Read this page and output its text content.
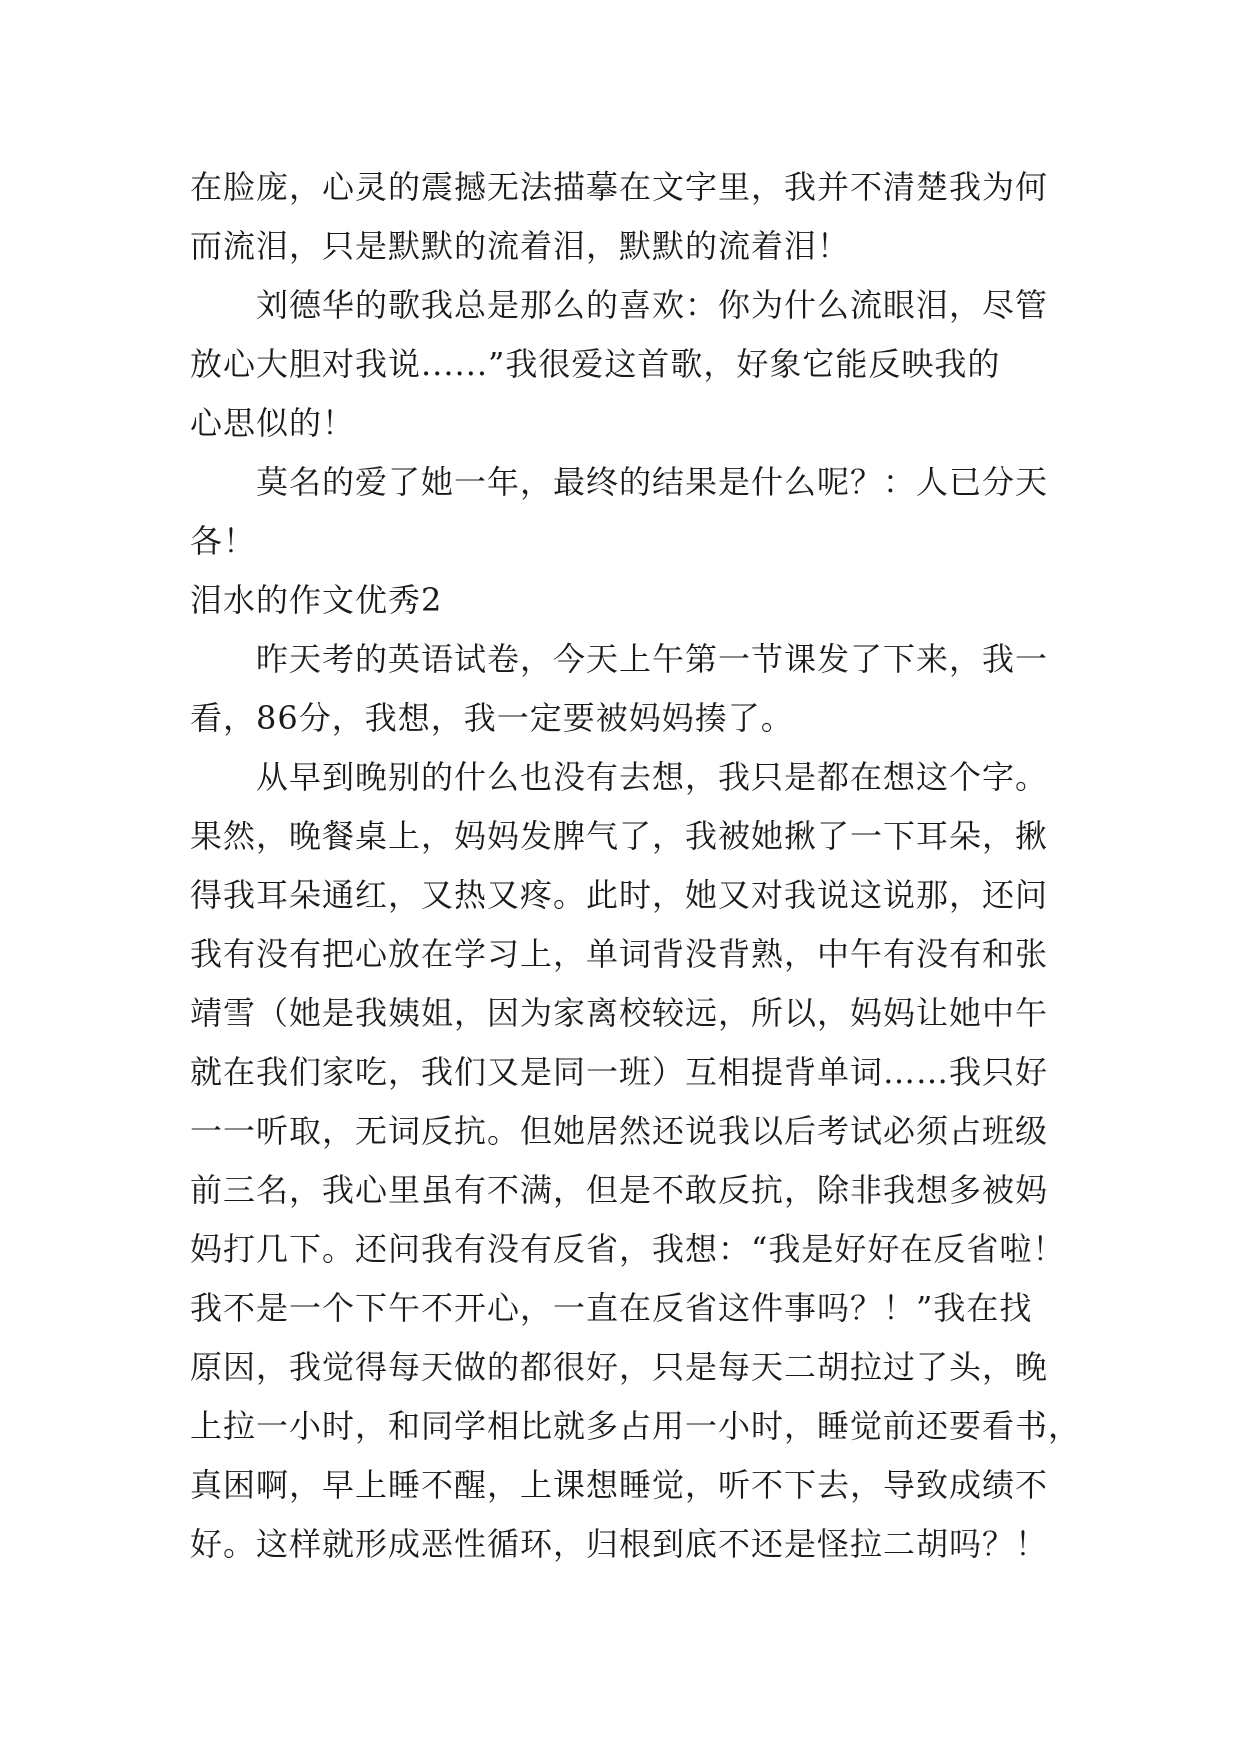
在脸庞，心灵的震撼无法描摹在文字里，我并不清楚我为何
而流泪，只是默默的流着泪，默默的流着泪！
　　刘德华的歌我总是那么的喜欢：你为什么流眼泪，尽管
放心大胆对我说......”我很爱这首歌，好象它能反映我的
心思似的！
　　莫名的爱了她一年，最终的结果是什么呢？：人已分天
各！
泪水的作文优秀2
　　昨天考的英语试卷，今天上午第一节课发了下来，我一
看，86分，我想，我一定要被妈妈揍了。
　　从早到晚别的什么也没有去想，我只是都在想这个字。
果然，晚餐桌上，妈妈发脾气了，我被她揪了一下耳朵，揪
得我耳朵通红，又热又疼。此时，她又对我说这说那，还问
我有没有把心放在学习上，单词背没背熟，中午有没有和张
靖雪（她是我姨姐，因为家离校较远，所以，妈妈让她中午
就在我们家吃，我们又是同一班）互相提背单词……我只好
一一听取，无词反抗。但她居然还说我以后考试必须占班级
前三名，我心里虽有不满，但是不敢反抗，除非我想多被妈
妈打几下。还问我有没有反省，我想：“我是好好在反省啦！
我不是一个下午不开心，一直在反省这件事吗？！”我在找
原因，我觉得每天做的都很好，只是每天二胡拉过了头，晚
上拉一小时，和同学相比就多占用一小时，睡觉前还要看书，
真困啊，早上睡不醒，上课想睡觉，听不下去，导致成绩不
好。这样就形成恶性循环，归根到底不还是怪拉二胡吗？！
